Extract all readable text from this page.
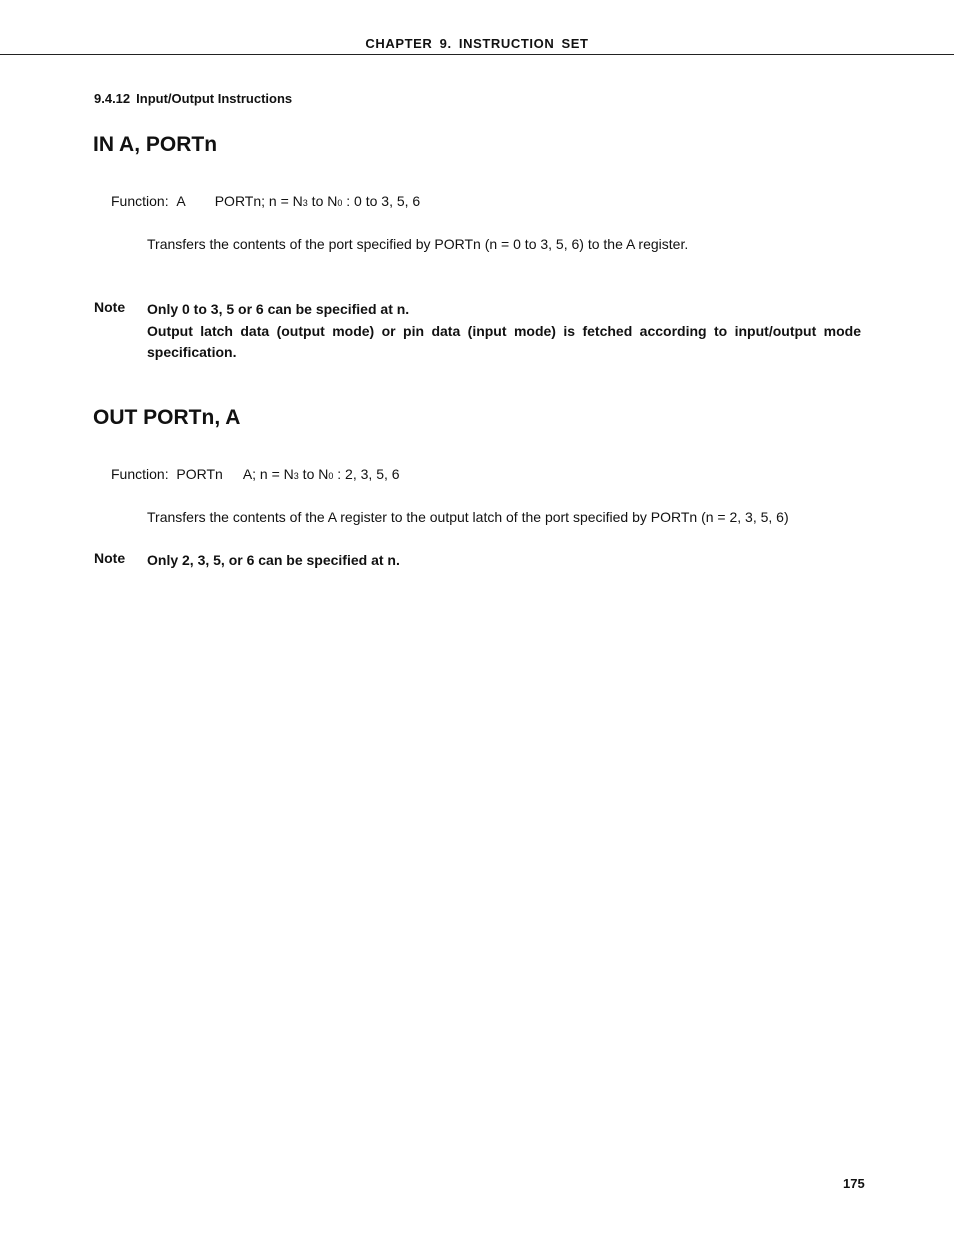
CHAPTER 9. INSTRUCTION SET
9.4.12 Input/Output Instructions
IN A, PORTn
Function: A PORTn; n = N3 to N0 : 0 to 3, 5, 6
Transfers the contents of the port specified by PORTn (n = 0 to 3, 5, 6) to the A register.
Note Only 0 to 3, 5 or 6 can be specified at n.
Output latch data (output mode) or pin data (input mode) is fetched according to input/output mode
specification.
OUT PORTn, A
Function: PORTn A; n = N3 to N0 : 2, 3, 5, 6
Transfers the contents of the A register to the output latch of the port specified by PORTn (n = 2, 3, 5, 6)
Note Only 2, 3, 5, or 6 can be specified at n.
175
